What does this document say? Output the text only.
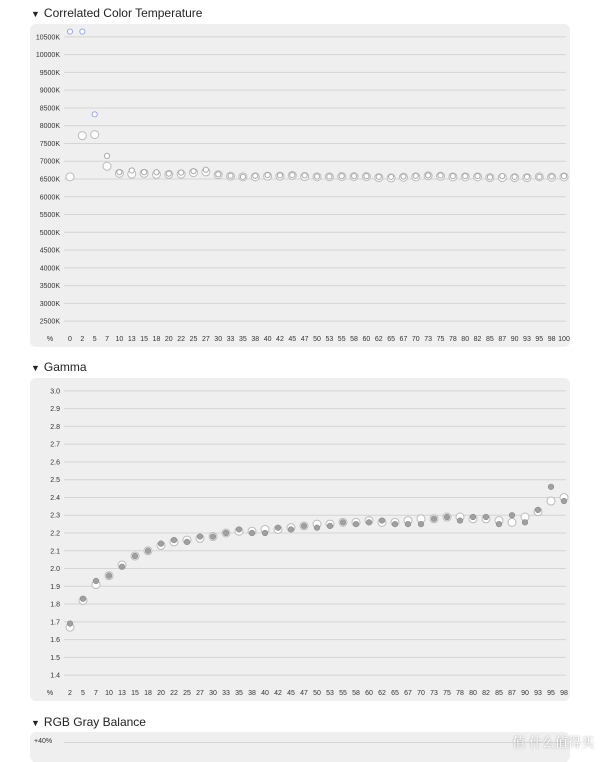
▼ Correlated Color Temperature
10500K
10000K
9500K
9000K
8500K
8000K
7500K
7000K
6500K
6000K
5500K
5000K
4500K
4000K
3500K
3000K
2500K
% 0 2 5 7 10 13 15 18 20 22 25 27 30 33 35 38 40 42 45 47 50 53 55 58 60 62 65 67 70 73 75 78 80 82 85 87 90 93 95 98 100
▼ Gamma
3.0
2.9
2.8
2.7
2.6
2.5
2.4
2.3
2.2
2.1
2.0
1.9
1.8
1.7
1.6
1.5
1.4
% 2 5 7 10 13 15 18 20 22 25 27 30 33 35 38 40 42 45 47 50 53 55 58 60 62 65 67 70 73 75 78 80 82 85 87 90 93 95 98
▼ RGB Gray Balance
+40%	值 什么值得买
